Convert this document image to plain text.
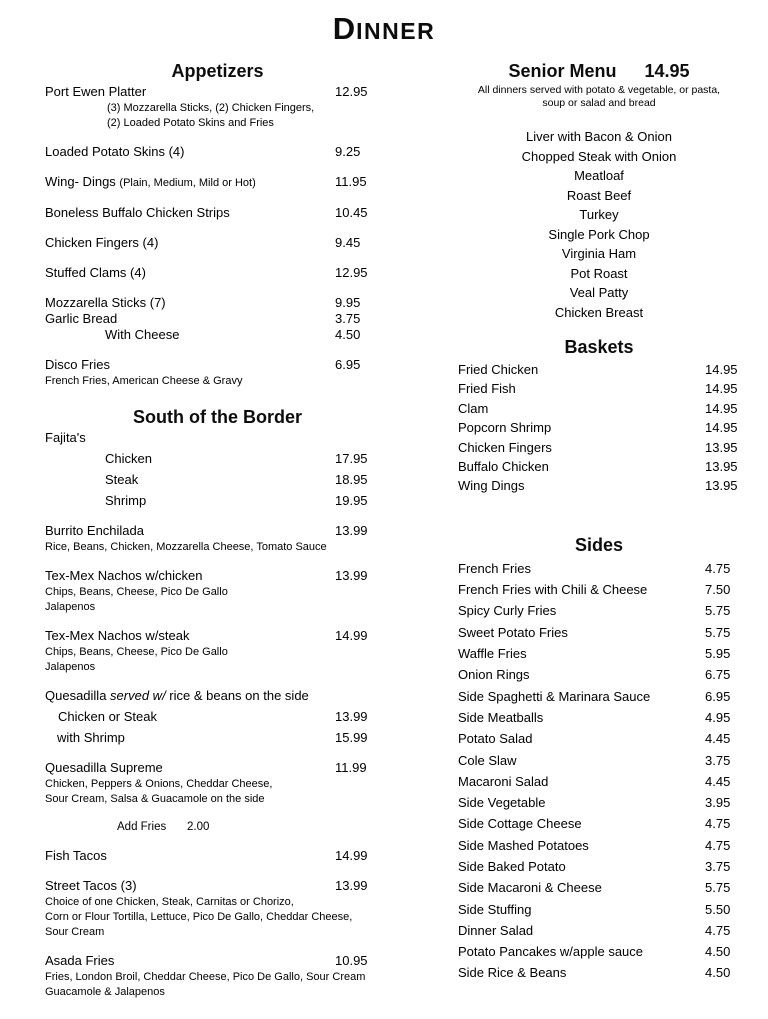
DINNER
Appetizers
Port Ewen Platter	12.95
(3) Mozzarella Sticks, (2) Chicken Fingers,
(2) Loaded Potato Skins and Fries
Loaded Potato Skins (4)	9.25
Wing- Dings (Plain, Medium, Mild or Hot)	11.95
Boneless Buffalo Chicken Strips	10.45
Chicken Fingers (4)	9.45
Stuffed Clams (4)	12.95
Mozzarella Sticks (7)	9.95
Garlic Bread	3.75
With Cheese	4.50
Disco Fries	6.95
French Fries, American Cheese & Gravy
South of the Border
Fajita's
Chicken	17.95
Steak	18.95
Shrimp	19.95
Burrito Enchilada	13.99
Rice, Beans, Chicken, Mozzarella Cheese, Tomato Sauce
Tex-Mex Nachos w/chicken	13.99
Chips, Beans, Cheese, Pico De Gallo
Jalapenos
Tex-Mex Nachos w/steak	14.99
Chips, Beans, Cheese, Pico De Gallo
Jalapenos
Quesadilla served w/ rice & beans on the side
Chicken or Steak	13.99
with Shrimp	15.99
Quesadilla Supreme	11.99
Chicken, Peppers & Onions, Cheddar Cheese,
Sour Cream, Salsa & Guacamole on the side
Add Fries 2.00
Fish Tacos	14.99
Street Tacos (3)	13.99
Choice of one Chicken, Steak, Carnitas or Chorizo,
Corn or Flour Tortilla, Lettuce, Pico De Gallo, Cheddar Cheese,
Sour Cream
Asada Fries	10.95
Fries, London Broil, Cheddar Cheese, Pico De Gallo, Sour Cream
Guacamole & Jalapenos
Senior Menu 14.95
All dinners served with potato & vegetable, or pasta,
soup or salad and bread
Liver with Bacon & Onion
Chopped Steak with Onion
Meatloaf
Roast Beef
Turkey
Single Pork Chop
Virginia Ham
Pot Roast
Veal Patty
Chicken Breast
Baskets
Fried Chicken	14.95
Fried Fish	14.95
Clam	14.95
Popcorn Shrimp	14.95
Chicken Fingers	13.95
Buffalo Chicken	13.95
Wing Dings	13.95
Sides
French Fries	4.75
French Fries with Chili & Cheese	7.50
Spicy Curly Fries	5.75
Sweet Potato Fries	5.75
Waffle Fries	5.95
Onion Rings	6.75
Side Spaghetti & Marinara Sauce	6.95
Side Meatballs	4.95
Potato Salad	4.45
Cole Slaw	3.75
Macaroni Salad	4.45
Side Vegetable	3.95
Side Cottage Cheese	4.75
Side Mashed Potatoes	4.75
Side Baked Potato	3.75
Side Macaroni & Cheese	5.75
Side Stuffing	5.50
Dinner Salad	4.75
Potato Pancakes w/apple sauce	4.50
Side Rice & Beans	4.50
